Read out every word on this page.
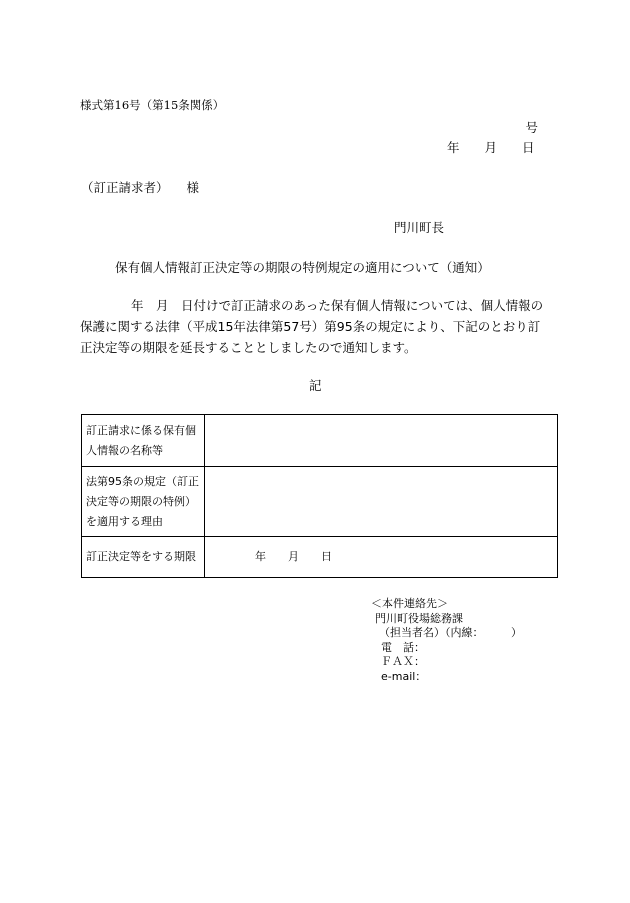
様式第16号（第15条関係）
号
年　　月　　日
（訂正請求者） 様
門川町長
保有個人情報訂正決定等の期限の特例規定の適用について（通知）
年　月　 日付けで訂正請求のあった保有個人情報については、個人情報の保護に関する法律（平成15年法律第57号）第95条の規定により、下記のとおり訂正決定等の期限を延長することとしましたので通知します。
記
訂正請求に係る保有個人情報の名称等	
法第95条の規定（訂正決定等の期限の特例）を適用する理由	
訂正決定等をする期限	年　　月　　日
＜本件連絡先＞
門川町役場総務課
（担当者名）（内線：　　　）
電　話：
ＦＡＸ：
e-mail：
